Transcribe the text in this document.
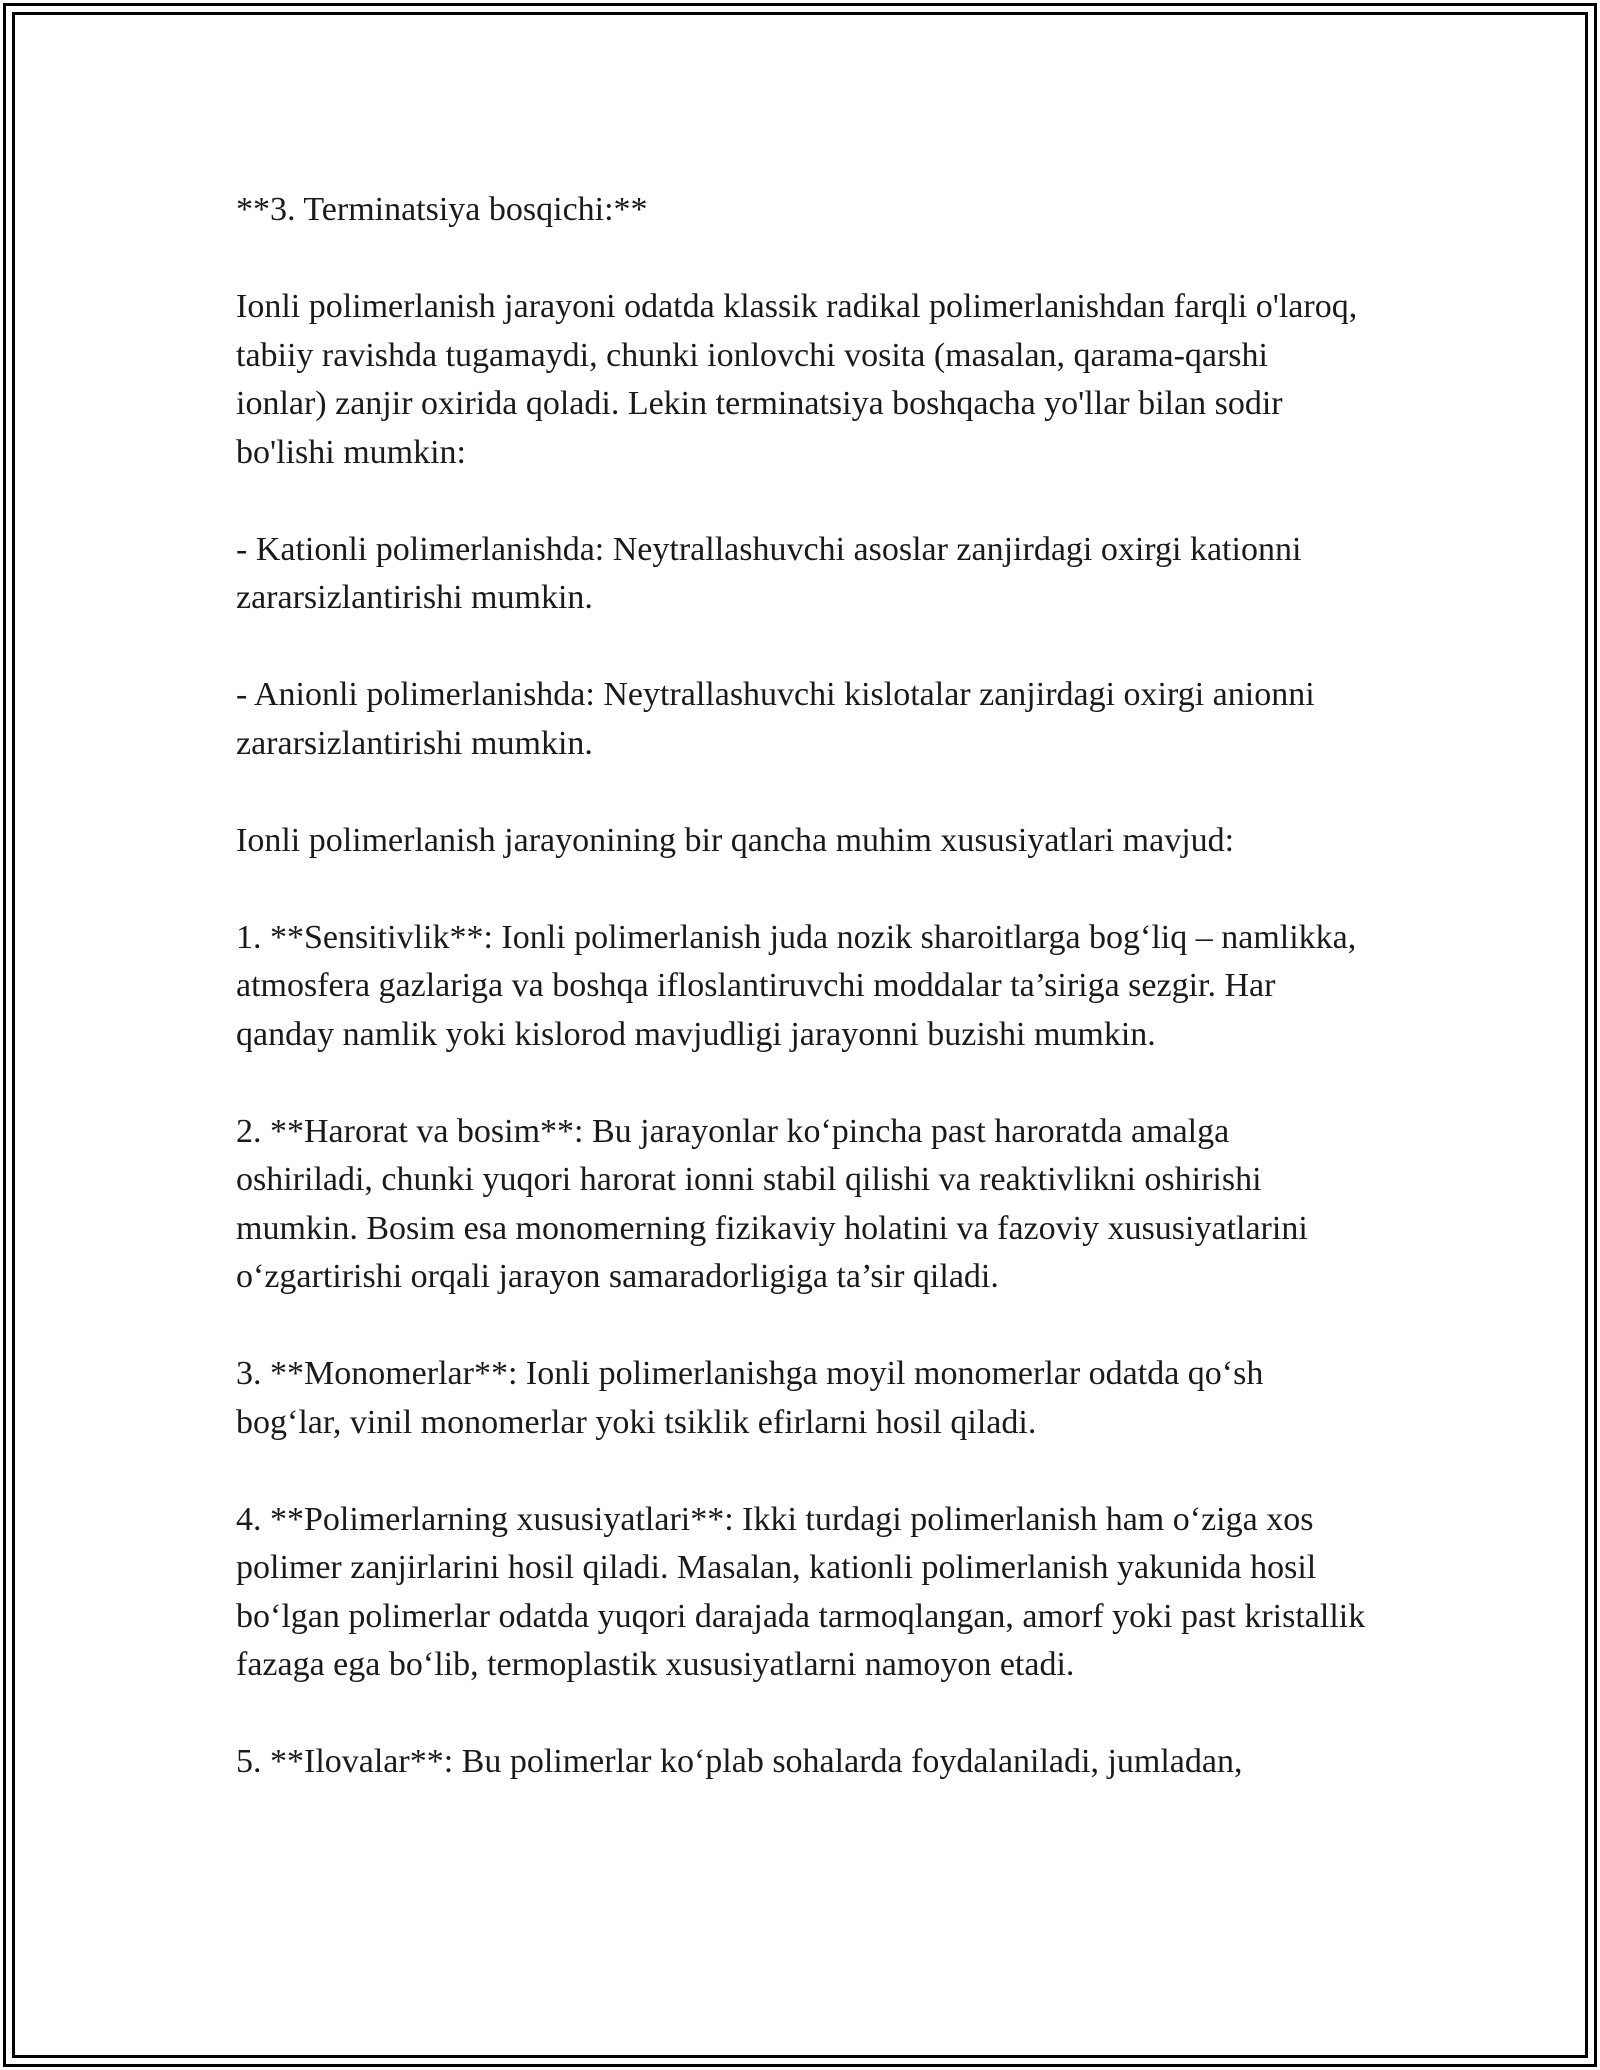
**3. Terminatsiya bosqichi:**

Ionli polimerlanish jarayoni odatda klassik radikal polimerlanishdan farqli o'laroq, tabiiy ravishda tugamaydi, chunki ionlovchi vosita (masalan, qarama-qarshi ionlar) zanjir oxirida qoladi. Lekin terminatsiya boshqacha yo'llar bilan sodir bo'lishi mumkin:

- Kationli polimerlanishda: Neytrallashuvchi asoslar zanjirdagi oxirgi kationni zararsizlantirishi mumkin.

- Anionli polimerlanishda: Neytrallashuvchi kislotalar zanjirdagi oxirgi anionni zararsizlantirishi mumkin.

Ionli polimerlanish jarayonining bir qancha muhim xususiyatlari mavjud:

1. **Sensitivlik**: Ionli polimerlanish juda nozik sharoitlarga bog‘liq – namlikka, atmosfera gazlariga va boshqa ifloslantiruvchi moddalar ta’siriga sezgir. Har qanday namlik yoki kislorod mavjudligi jarayonni buzishi mumkin.

2. **Harorat va bosim**: Bu jarayonlar ko‘pincha past haroratda amalga oshiriladi, chunki yuqori harorat ionni stabil qilishi va reaktivlikni oshirishi mumkin. Bosim esa monomerning fizikaviy holatini va fazoviy xususiyatlarini o‘zgartirishi orqali jarayon samaradorligiga ta’sir qiladi.

3. **Monomerlar**: Ionli polimerlanishga moyil monomerlar odatda qo‘sh bog‘lar, vinil monomerlar yoki tsiklik efirlarni hosil qiladi.

4. **Polimerlarning xususiyatlari**: Ikki turdagi polimerlanish ham o‘ziga xos polimer zanjirlarini hosil qiladi. Masalan, kationli polimerlanish yakunida hosil bo‘lgan polimerlar odatda yuqori darajada tarmoqlangan, amorf yoki past kristallik fazaga ega bo‘lib, termoplastik xususiyatlarni namoyon etadi.

5. **Ilovalar**: Bu polimerlar ko‘plab sohalarda foydalaniladi, jumladan,
